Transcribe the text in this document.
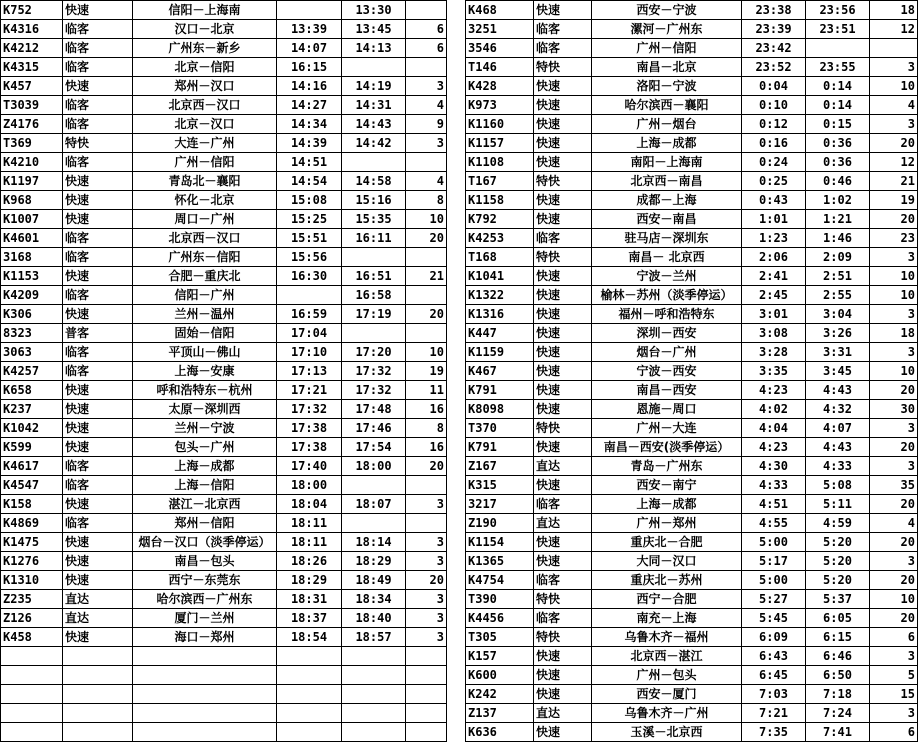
K752	快速	信阳－上海南		13:30	
K4316	临客	汉口－北京	13:39	13:45	6
K4212	临客	广州东－新乡	14:07	14:13	6
K4315	临客	北京－信阳	16:15		
K457	快速	郑州－汉口	14:16	14:19	3
T3039	临客	北京西－汉口	14:27	14:31	4
Z4176	临客	北京－汉口	14:34	14:43	9
T369	特快	大连－广州	14:39	14:42	3
K4210	临客	广州－信阳	14:51		
K1197	快速	青岛北－襄阳	14:54	14:58	4
K968	快速	怀化－北京	15:08	15:16	8
K1007	快速	周口－广州	15:25	15:35	10
K4601	临客	北京西－汉口	15:51	16:11	20
3168	临客	广州东－信阳	15:56		
K1153	快速	合肥－重庆北	16:30	16:51	21
K4209	临客	信阳－广州		16:58	
K306	快速	兰州－温州	16:59	17:19	20
8323	普客	固始－信阳	17:04		
3063	临客	平顶山－佛山	17:10	17:20	10
K4257	临客	上海－安康	17:13	17:32	19
K658	快速	呼和浩特东－杭州	17:21	17:32	11
K237	快速	太原－深圳西	17:32	17:48	16
K1042	快速	兰州－宁波	17:38	17:46	8
K599	快速	包头－广州	17:38	17:54	16
K4617	临客	上海－成都	17:40	18:00	20
K4547	临客	上海－信阳	18:00		
K158	快速	湛江－北京西	18:04	18:07	3
K4869	临客	郑州－信阳	18:11		
K1475	快速	烟台－汉口（淡季停运）	18:11	18:14	3
K1276	快速	南昌－包头	18:26	18:29	3
K1310	快速	西宁－东莞东	18:29	18:49	20
Z235	直达	哈尔滨西－广州东	18:31	18:34	3
Z126	直达	厦门－兰州	18:37	18:40	3
K458	快速	海口－郑州	18:54	18:57	3

K468	快速	西安－宁波	23:38	23:56	18
3251	临客	漯河－广州东	23:39	23:51	12
3546	临客	广州－信阳	23:42		
T146	特快	南昌－北京	23:52	23:55	3
K428	快速	洛阳－宁波	0:04	0:14	10
K973	快速	哈尔滨西－襄阳	0:10	0:14	4
K1160	快速	广州－烟台	0:12	0:15	3
K1157	快速	上海－成都	0:16	0:36	20
K1108	快速	南阳－上海南	0:24	0:36	12
T167	特快	北京西－南昌	0:25	0:46	21
K1158	快速	成都－上海	0:43	1:02	19
K792	快速	西安－南昌	1:01	1:21	20
K4253	临客	驻马店－深圳东	1:23	1:46	23
T168	特快	南昌－ 北京西	2:06	2:09	3
K1041	快速	宁波－兰州	2:41	2:51	10
K1322	快速	榆林－苏州（淡季停运）	2:45	2:55	10
K1316	快速	福州－呼和浩特东	3:01	3:04	3
K447	快速	深圳－西安	3:08	3:26	18
K1159	快速	烟台－广州	3:28	3:31	3
K467	快速	宁波－西安	3:35	3:45	10
K791	快速	南昌－西安	4:23	4:43	20
K8098	快速	恩施－周口	4:02	4:32	30
T370	特快	广州－大连	4:04	4:07	3
K791	快速	南昌－西安(淡季停运）	4:23	4:43	20
Z167	直达	青岛－广州东	4:30	4:33	3
K315	快速	西安－南宁	4:33	5:08	35
3217	临客	上海－成都	4:51	5:11	20
Z190	直达	广州－郑州	4:55	4:59	4
K1154	快速	重庆北－合肥	5:00	5:20	20
K1365	快速	大同－汉口	5:17	5:20	3
K4754	临客	重庆北－苏州	5:00	5:20	20
T390	特快	西宁－合肥	5:27	5:37	10
K4456	临客	南充－上海	5:45	6:05	20
T305	特快	乌鲁木齐－福州	6:09	6:15	6
K157	快速	北京西－湛江	6:43	6:46	3
K600	快速	广州－包头	6:45	6:50	5
K242	快速	西安－厦门	7:03	7:18	15
Z137	直达	乌鲁木齐－广州	7:21	7:24	3
K636	快速	玉溪－北京西	7:35	7:41	6
